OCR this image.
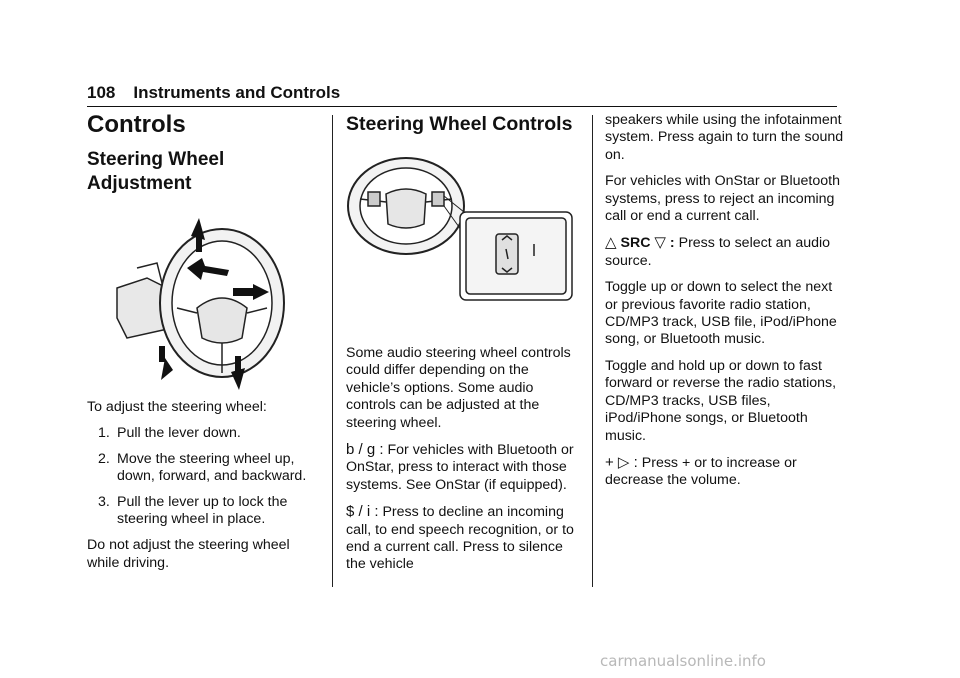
108 Instruments and Controls
Controls
Steering Wheel
Adjustment

To adjust the steering wheel:

1. Pull the lever down.
2. Move the steering wheel up, down, forward, and backward.
3. Pull the lever up to lock the steering wheel in place.

Do not adjust the steering wheel while driving.

Steering Wheel Controls

Some audio steering wheel controls could differ depending on the vehicle’s options. Some audio controls can be adjusted at the steering wheel.

b / g : For vehicles with Bluetooth or OnStar, press to interact with those systems. See OnStar (if equipped).

$ / i : Press to decline an incoming call, to end speech recognition, or to end a current call. Press to silence the vehicle

speakers while using the infotainment system. Press again to turn the sound on.

For vehicles with OnStar or Bluetooth systems, press to reject an incoming call or end a current call.

△ SRC ▽ : Press to select an audio source.

Toggle up or down to select the next or previous favorite radio station, CD/MP3 track, USB file, iPod/iPhone song, or Bluetooth music.

Toggle and hold up or down to fast forward or reverse the radio stations, CD/MP3 tracks, USB files, iPod/iPhone songs, or Bluetooth music.

+ ▷ : Press + or to increase or decrease the volume.

carmanualsonline.info
